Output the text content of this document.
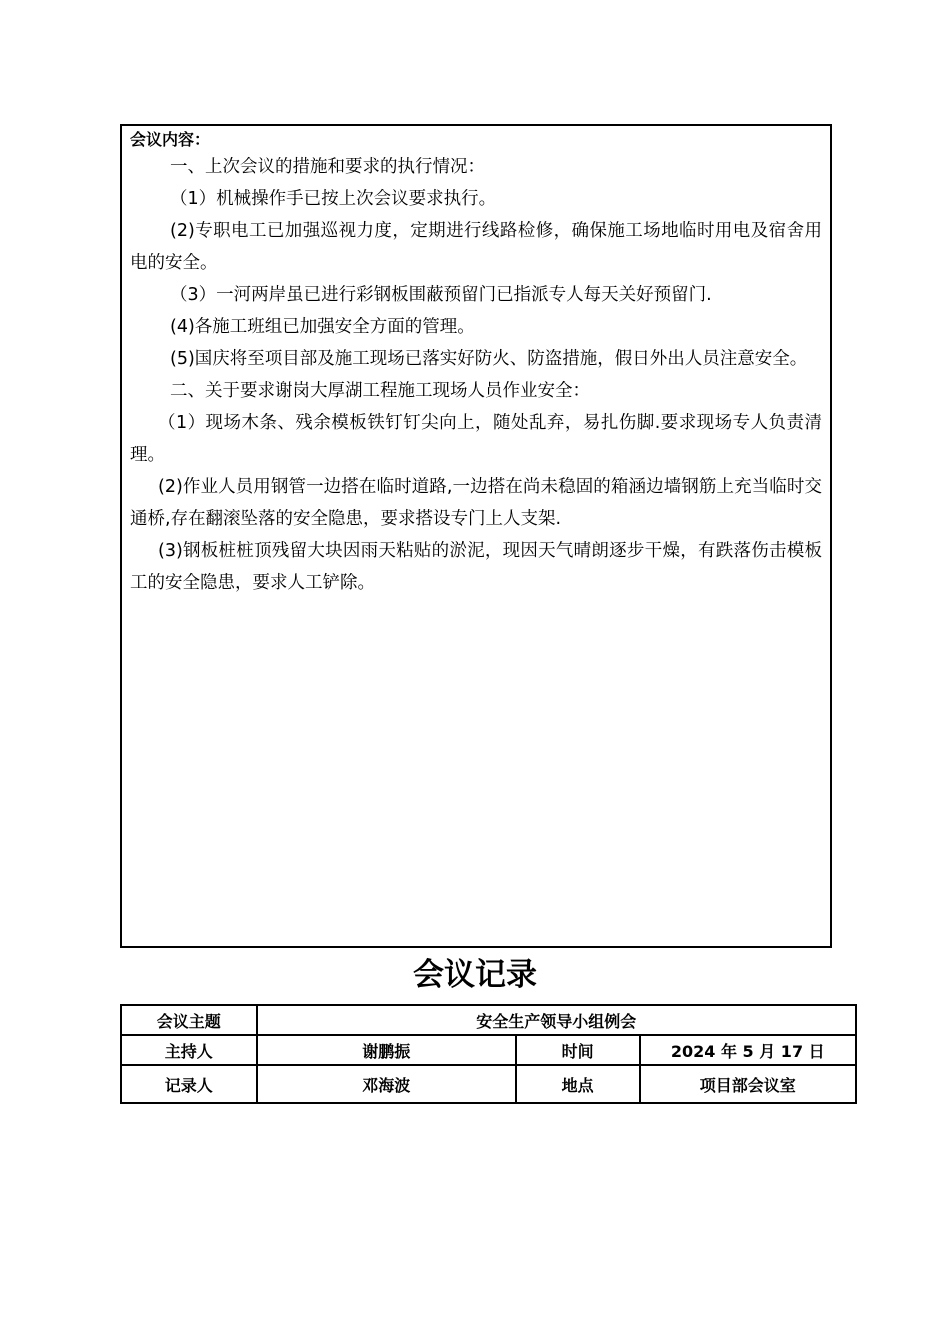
会议内容：

一、上次会议的措施和要求的执行情况：

（1）机械操作手已按上次会议要求执行。

(2)专职电工已加强巡视力度，定期进行线路检修，确保施工场地临时用电及宿舍用电的安全。

（3）一河两岸虽已进行彩钢板围蔽预留门已指派专人每天关好预留门.

(4)各施工班组已加强安全方面的管理。

(5)国庆将至项目部及施工现场已落实好防火、防盗措施，假日外出人员注意安全。

二、关于要求谢岗大厚湖工程施工现场人员作业安全：

（1）现场木条、残余模板铁钉钉尖向上，随处乱弃，易扎伤脚.要求现场专人负责清理。

(2)作业人员用钢管一边搭在临时道路,一边搭在尚未稳固的箱涵边墙钢筋上充当临时交通桥,存在翻滚坠落的安全隐患，要求搭设专门上人支架.

(3)钢板桩桩顶残留大块因雨天粘贴的淤泥，现因天气晴朗逐步干燥，有跌落伤击模板工的安全隐患，要求人工铲除。

会议记录
会议主题	安全生产领导小组例会		
主持人	谢鹏振	时间	2024 年 5 月 17 日
记录人	邓海波	地点	项目部会议室
